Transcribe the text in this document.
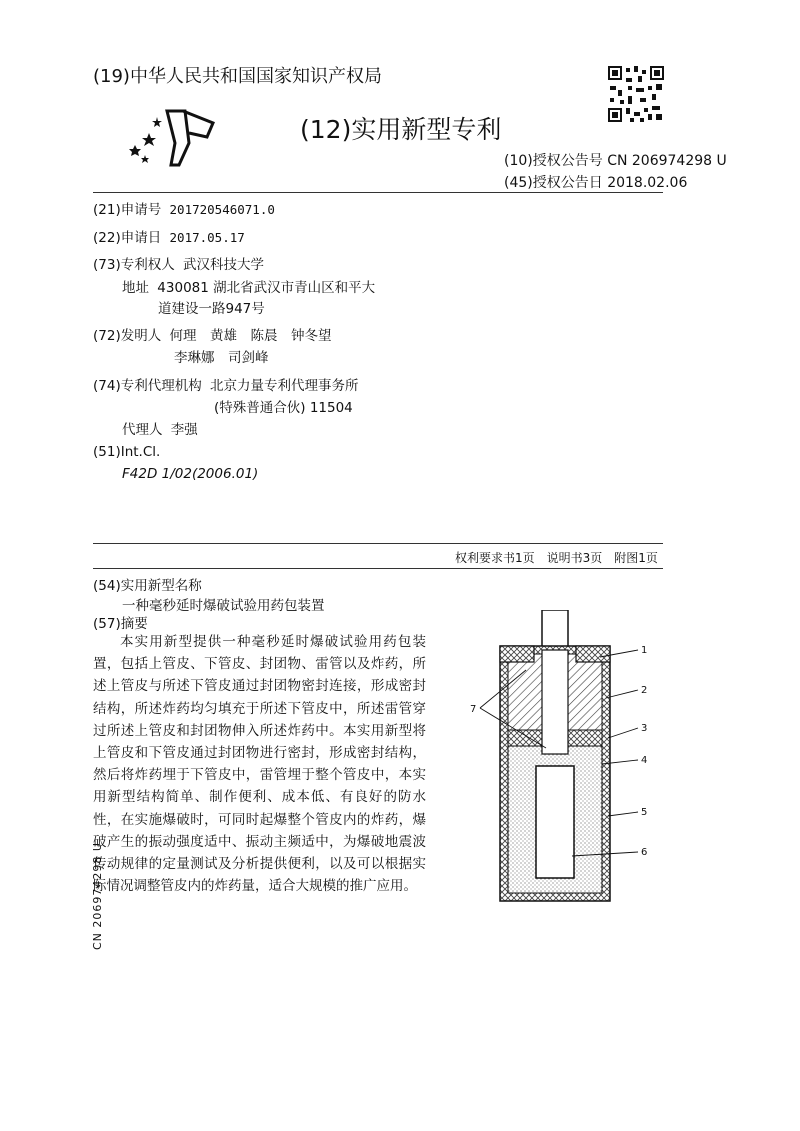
(19)中华人民共和国国家知识产权局
(12)实用新型专利
(10)授权公告号 CN 206974298 U
(45)授权公告日 2018.02.06
(21)申请号 201720546071.0
(22)申请日 2017.05.17
(73)专利权人 武汉科技大学
地址 430081 湖北省武汉市青山区和平大
道建设一路947号
(72)发明人 何理　黄雄　陈晨　钟冬望
李琳娜　司剑峰
(74)专利代理机构 北京力量专利代理事务所
(特殊普通合伙) 11504
代理人 李强
(51)Int.Cl.
F42D 1/02(2006.01)
权利要求书1页　说明书3页　附图1页
(54)实用新型名称
一种毫秒延时爆破试验用药包装置
(57)摘要
本实用新型提供一种毫秒延时爆破试验用药包装置，包括上管皮、下管皮、封团物、雷管以及炸药，所述上管皮与所述下管皮通过封团物密封连接，形成密封结构，所述炸药均匀填充于所述下管皮中，所述雷管穿过所述上管皮和封团物伸入所述炸药中。本实用新型将上管皮和下管皮通过封团物进行密封，形成密封结构，然后将炸药埋于下管皮中，雷管埋于整个管皮中，本实用新型结构简单、制作便利、成本低、有良好的防水性，在实施爆破时，可同时起爆整个管皮内的炸药，爆破产生的振动强度适中、振动主频适中，为爆破地震波传动规律的定量测试及分析提供便利，以及可以根据实际情况调整管皮内的炸药量，适合大规模的推广应用。
1
2
3
4
5
6
7
CN 206974298 U
